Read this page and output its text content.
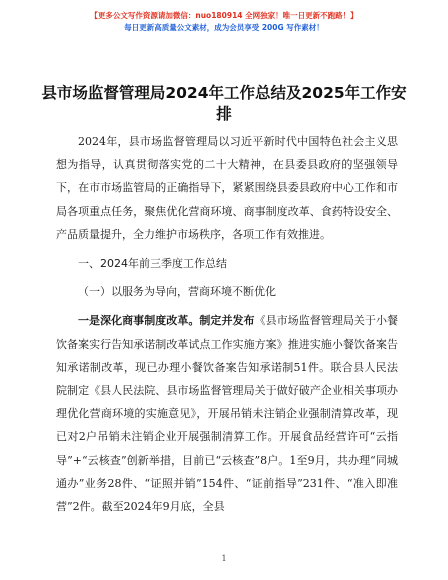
【更多公文写作资源请加微信：nuo180914 全网独家！唯一日更新不跑路！】
每日更新高质量公文素材，成为会员享受 200G 写作素材！
县市场监督管理局2024年工作总结及2025年工作安排

2024年，县市场监督管理局以习近平新时代中国特色社会主义思想为指导，认真贯彻落实党的二十大精神，在县委县政府的坚强领导下，在市市场监管局的正确指导下，紧紧围绕县委县政府中心工作和市局各项重点任务，聚焦优化营商环境、商事制度改革、食药特设安全、产品质量提升，全力维护市场秩序，各项工作有效推进。

一、2024年前三季度工作总结

（一）以服务为导向，营商环境不断优化

一是深化商事制度改革。制定并发布《县市场监督管理局关于小餐饮备案实行告知承诺制改革试点工作实施方案》推进实施小餐饮备案告知承诺制改革，现已办理小餐饮备案告知承诺制51件。联合县人民法院制定《县人民法院、县市场监督管理局关于做好破产企业相关事项办理优化营商环境的实施意见》，开展吊销未注销企业强制清算改革，现已对2户吊销未注销企业开展强制清算工作。开展食品经营许可“云指导”+“云核查”创新举措，目前已“云核查”8户。1至9月，共办理“同城通办”业务28件、“证照并销”154件、“证前指导”231件、“准入即准营”2件。截至2024年9月底，全县

1
